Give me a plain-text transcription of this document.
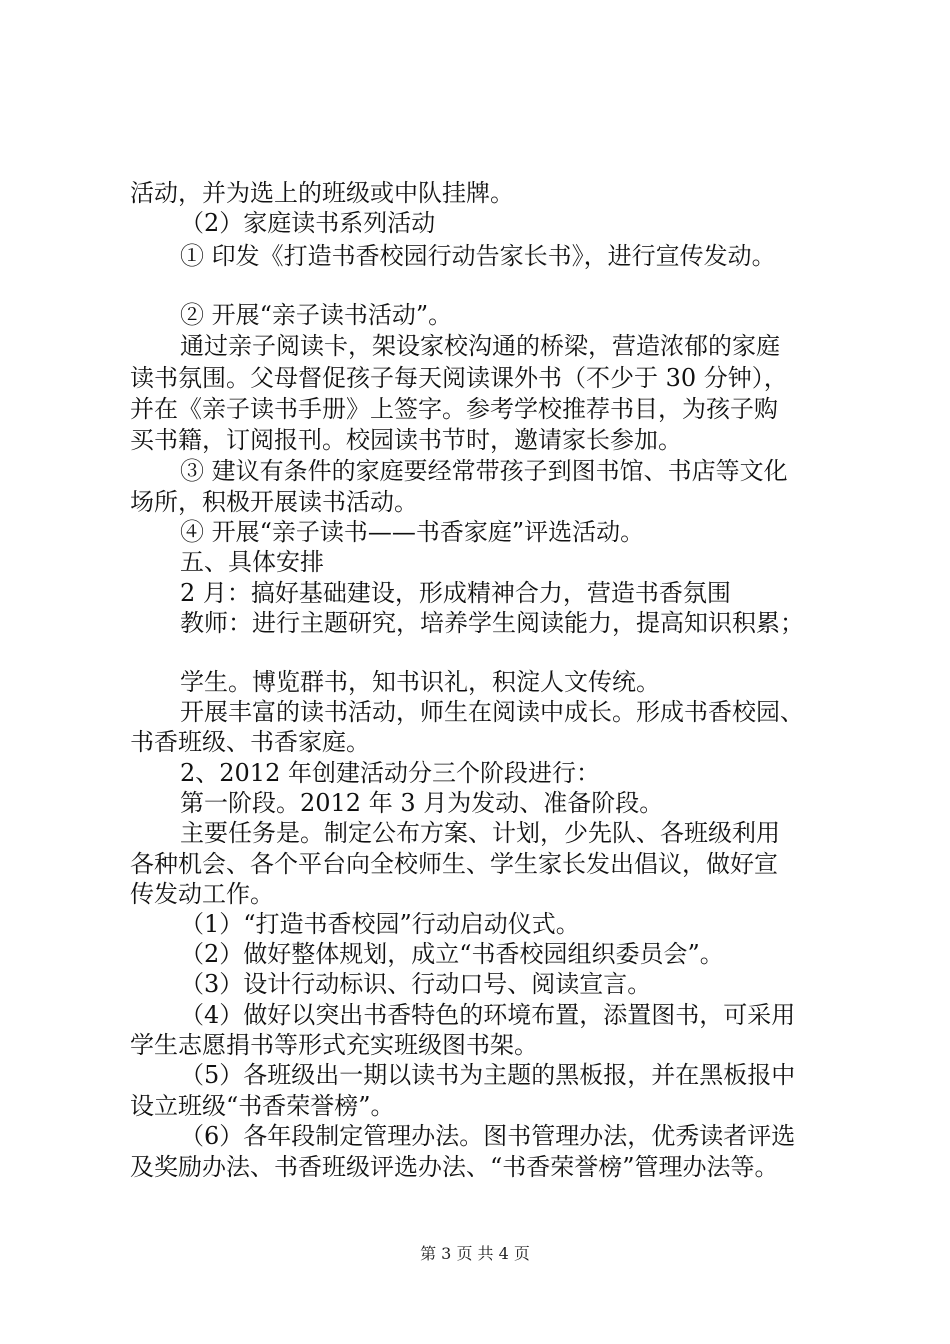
活动，并为选上的班级或中队挂牌。
（2）家庭读书系列活动
① 印发《打造书香校园行动告家长书》，进行宣传发动。
② 开展“亲子读书活动”。
通过亲子阅读卡，架设家校沟通的桥梁，营造浓郁的家庭
读书氛围。父母督促孩子每天阅读课外书（不少于 30 分钟），
并在《亲子读书手册》上签字。参考学校推荐书目，为孩子购
买书籍，订阅报刊。校园读书节时，邀请家长参加。
③ 建议有条件的家庭要经常带孩子到图书馆、书店等文化
场所，积极开展读书活动。
④ 开展“亲子读书——书香家庭”评选活动。
五、具体安排
2 月：搞好基础建设，形成精神合力，营造书香氛围
教师：进行主题研究，培养学生阅读能力，提高知识积累；
学生。博览群书，知书识礼，积淀人文传统。
开展丰富的读书活动，师生在阅读中成长。形成书香校园、
书香班级、书香家庭。
2、2012 年创建活动分三个阶段进行：
第一阶段。2012 年 3 月为发动、准备阶段。
主要任务是。制定公布方案、计划，少先队、各班级利用
各种机会、各个平台向全校师生、学生家长发出倡议，做好宣
传发动工作。
（1）“打造书香校园”行动启动仪式。
（2）做好整体规划，成立“书香校园组织委员会”。
（3）设计行动标识、行动口号、阅读宣言。
（4）做好以突出书香特色的环境布置，添置图书，可采用
学生志愿捐书等形式充实班级图书架。
（5）各班级出一期以读书为主题的黑板报，并在黑板报中
设立班级“书香荣誉榜”。
（6）各年段制定管理办法。图书管理办法，优秀读者评选
及奖励办法、书香班级评选办法、“书香荣誉榜”管理办法等。
第 3 页 共 4 页
